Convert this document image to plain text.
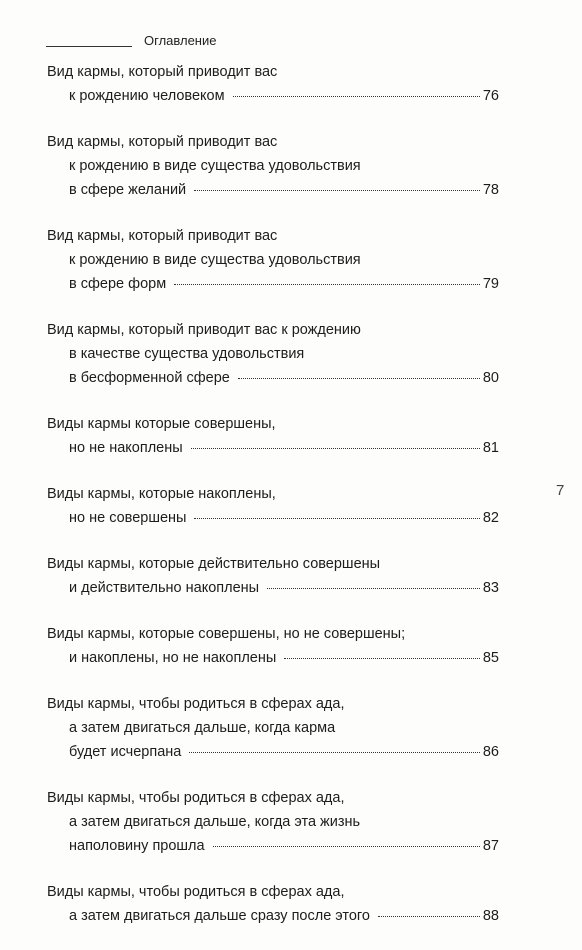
Оглавление
Вид кармы, который приводит вас
к рождению человеком	76
Вид кармы, который приводит вас
к рождению в виде существа удовольствия
в сфере желаний	78
Вид кармы, который приводит вас
к рождению в виде существа удовольствия
в сфере форм	79
Вид кармы, который приводит вас к рождению
в качестве существа удовольствия
в бесформенной сфере	80
Виды кармы которые совершены,
но не накоплены	81
Виды кармы, которые накоплены,
но не совершены	82
Виды кармы, которые действительно совершены
и действительно накоплены	83
Виды кармы, которые совершены, но не совершены;
и накоплены, но не накоплены	85
Виды кармы, чтобы родиться в сферах ада,
а затем двигаться дальше, когда карма
будет исчерпана	86
Виды кармы, чтобы родиться в сферах ада,
а затем двигаться дальше, когда эта жизнь
наполовину прошла	87
Виды кармы, чтобы родиться в сферах ада,
а затем двигаться дальше сразу после этого	88
7
